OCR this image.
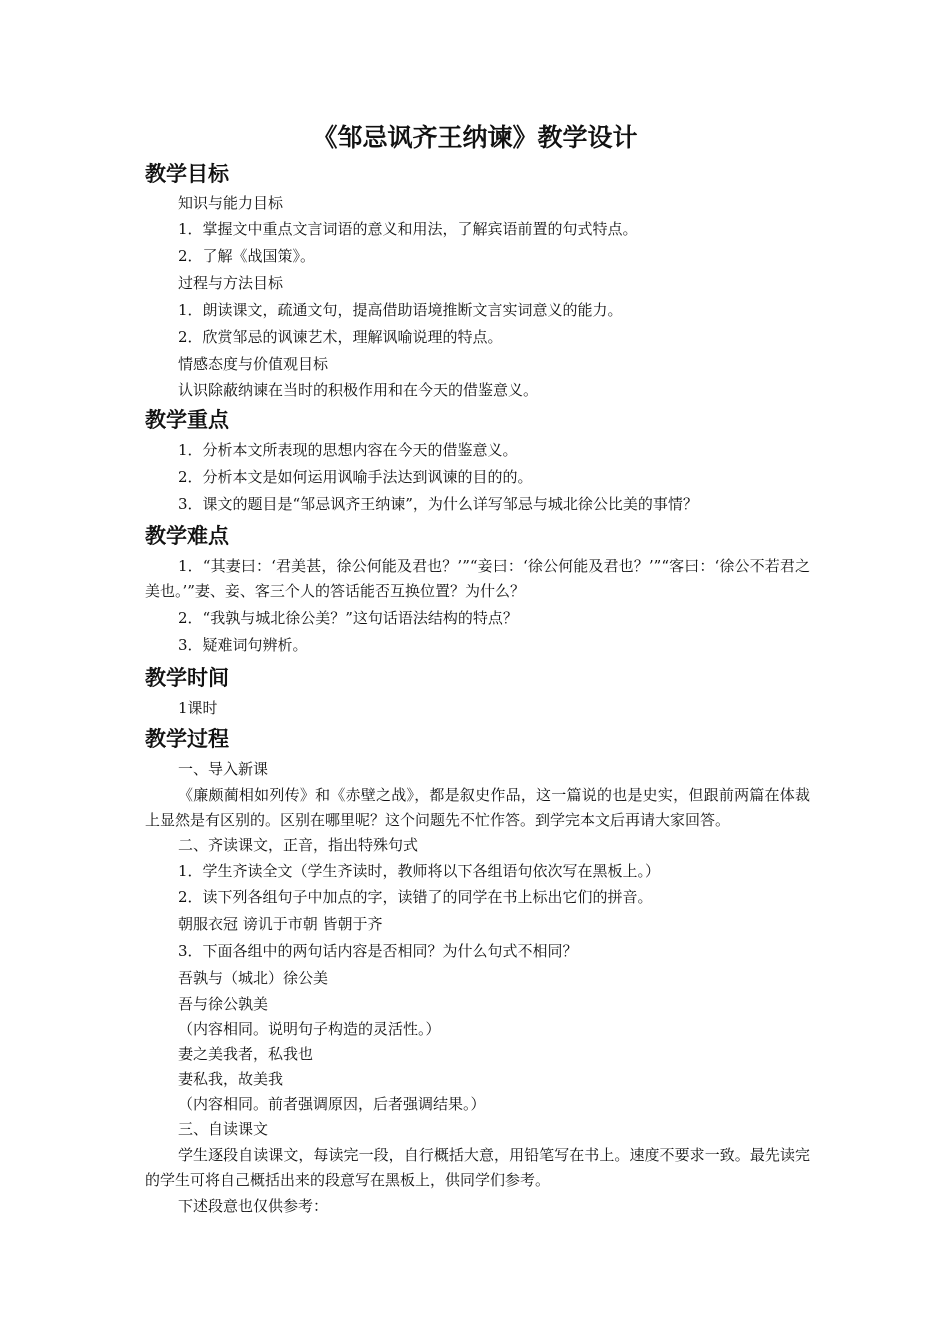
《邹忌讽齐王纳谏》教学设计
教学目标

知识与能力目标

1．掌握文中重点文言词语的意义和用法，了解宾语前置的句式特点。

2．了解《战国策》。

过程与方法目标

1．朗读课文，疏通文句，提高借助语境推断文言实词意义的能力。

2．欣赏邹忌的讽谏艺术，理解讽喻说理的特点。

情感态度与价值观目标

认识除蔽纳谏在当时的积极作用和在今天的借鉴意义。

教学重点

1．分析本文所表现的思想内容在今天的借鉴意义。

2．分析本文是如何运用讽喻手法达到讽谏的目的的。

3．课文的题目是“邹忌讽齐王纳谏”，为什么详写邹忌与城北徐公比美的事情？

教学难点

1．“其妻曰：‘君美甚，徐公何能及君也？’”“妾曰：‘徐公何能及君也？’”“客曰：‘徐公不若君之美也。’”妻、妾、客三个人的答话能否互换位置？为什么？

2．“我孰与城北徐公美？”这句话语法结构的特点？

3．疑难词句辨析。

教学时间

1课时

教学过程

一、导入新课

《廉颇蔺相如列传》和《赤壁之战》，都是叙史作品，这一篇说的也是史实，但跟前两篇在体裁上显然是有区别的。区别在哪里呢？这个问题先不忙作答。到学完本文后再请大家回答。

二、齐读课文，正音，指出特殊句式

1．学生齐读全文（学生齐读时，教师将以下各组语句依次写在黑板上。）

2．读下列各组句子中加点的字，读错了的同学在书上标出它们的拼音。

朝服衣冠 谤讥于市朝 皆朝于齐

3．下面各组中的两句话内容是否相同？为什么句式不相同？

吾孰与（城北）徐公美

吾与徐公孰美

（内容相同。说明句子构造的灵活性。）

妻之美我者，私我也

妻私我，故美我

（内容相同。前者强调原因，后者强调结果。）

三、自读课文

学生逐段自读课文，每读完一段，自行概括大意，用铅笔写在书上。速度不要求一致。最先读完的学生可将自己概括出来的段意写在黑板上，供同学们参考。

下述段意也仅供参考：
